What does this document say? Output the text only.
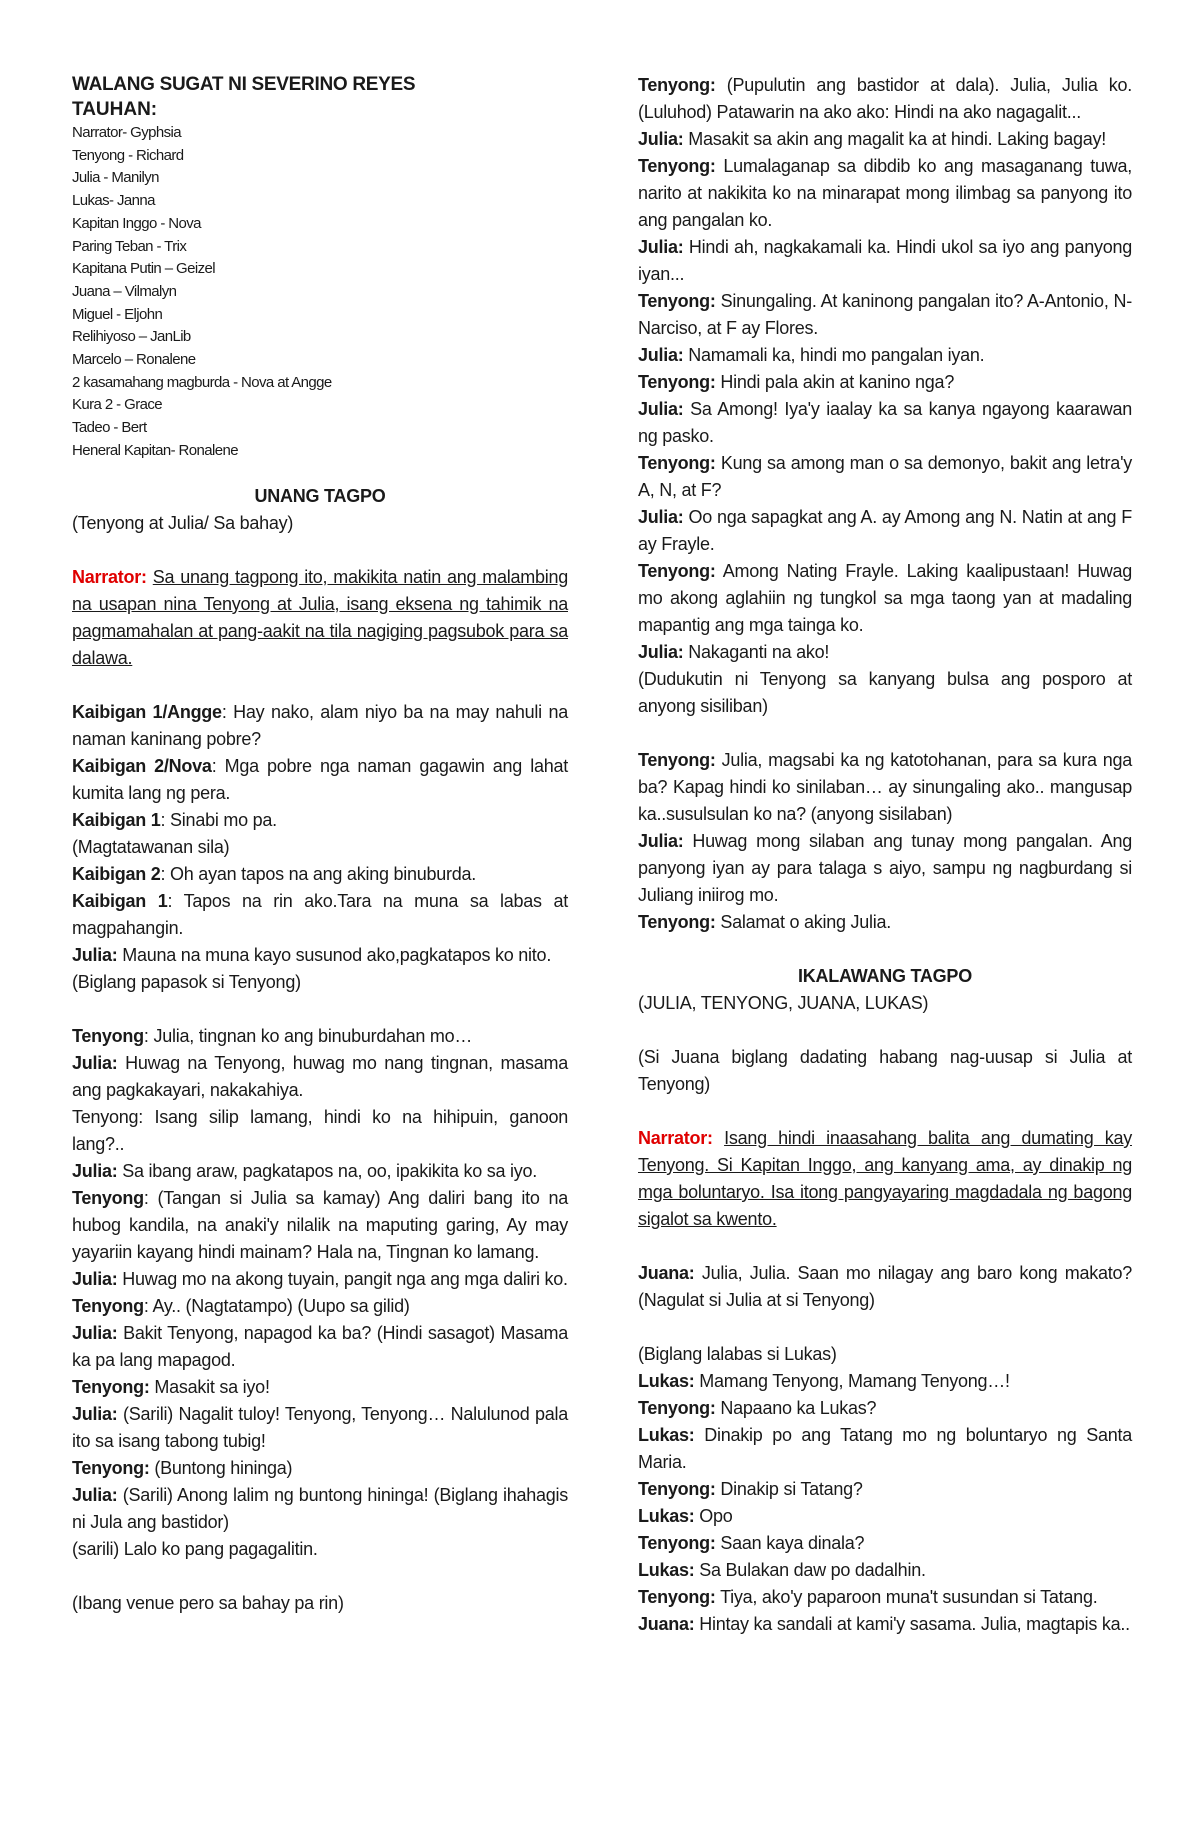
WALANG SUGAT NI SEVERINO REYES
TAUHAN:
Narrator- Gyphsia
Tenyong - Richard
Julia - Manilyn
Lukas- Janna
Kapitan Inggo - Nova
Paring Teban - Trix
Kapitana Putin – Geizel
Juana – Vilmalyn
Miguel - Eljohn
Relihiyoso – JanLib
Marcelo – Ronalene
2 kasamahang magburda - Nova at Angge
Kura 2 - Grace
Tadeo - Bert
Heneral Kapitan- Ronalene

UNANG TAGPO

(Tenyong at Julia/ Sa bahay)

Narrator: Sa unang tagpong ito, makikita natin ang malambing na usapan nina Tenyong at Julia, isang eksena ng tahimik na pagmamahalan at pang-aakit na tila nagiging pagsubok para sa dalawa.

Kaibigan 1/Angge: Hay nako, alam niyo ba na may nahuli na naman kaninang pobre?

Kaibigan 2/Nova: Mga pobre nga naman gagawin ang lahat kumita lang ng pera.

Kaibigan 1: Sinabi mo pa.

(Magtatawanan sila)

Kaibigan 2: Oh ayan tapos na ang aking binuburda.

Kaibigan 1: Tapos na rin ako.Tara na muna sa labas at magpahangin.

Julia: Mauna na muna kayo susunod ako,pagkatapos ko nito.

(Biglang papasok si Tenyong)

Tenyong: Julia, tingnan ko ang binuburdahan mo…

Julia: Huwag na Tenyong, huwag mo nang tingnan, masama ang pagkakayari, nakakahiya.

Tenyong: Isang silip lamang, hindi ko na hihipuin, ganoon lang?..

Julia: Sa ibang araw, pagkatapos na, oo, ipakikita ko sa iyo.

Tenyong: (Tangan si Julia sa kamay) Ang daliri bang ito na hubog kandila, na anaki'y nilalik na maputing garing, Ay may yayariin kayang hindi mainam? Hala na, Tingnan ko lamang.

Julia: Huwag mo na akong tuyain, pangit nga ang mga daliri ko.

Tenyong: Ay.. (Nagtatampo) (Uupo sa gilid)

Julia: Bakit Tenyong, napagod ka ba? (Hindi sasagot) Masama ka pa lang mapagod.

Tenyong: Masakit sa iyo!

Julia: (Sarili) Nagalit tuloy! Tenyong, Tenyong… Nalulunod pala ito sa isang tabong tubig!

Tenyong: (Buntong hininga)

Julia: (Sarili) Anong lalim ng buntong hininga! (Biglang ihahagis ni Jula ang bastidor)

(sarili) Lalo ko pang pagagalitin.

(Ibang venue pero sa bahay pa rin)

Tenyong: (Pupulutin ang bastidor at dala). Julia, Julia ko. (Luluhod) Patawarin na ako ako: Hindi na ako nagagalit...

Julia: Masakit sa akin ang magalit ka at hindi. Laking bagay!

Tenyong: Lumalaganap sa dibdib ko ang masaganang tuwa, narito at nakikita ko na minarapat mong ilimbag sa panyong ito ang pangalan ko.

Julia: Hindi ah, nagkakamali ka. Hindi ukol sa iyo ang panyong iyan...

Tenyong: Sinungaling. At kaninong pangalan ito? A-Antonio, N-Narciso, at F ay Flores.

Julia: Namamali ka, hindi mo pangalan iyan.

Tenyong: Hindi pala akin at kanino nga?

Julia: Sa Among! Iya'y iaalay ka sa kanya ngayong kaarawan ng pasko.

Tenyong: Kung sa among man o sa demonyo, bakit ang letra'y A, N, at F?

Julia: Oo nga sapagkat ang A. ay Among ang N. Natin at ang F ay Frayle.

Tenyong: Among Nating Frayle. Laking kaalipustaan! Huwag mo akong aglahiin ng tungkol sa mga taong yan at madaling mapantig ang mga tainga ko.

Julia: Nakaganti na ako!

(Dudukutin ni Tenyong sa kanyang bulsa ang posporo at anyong sisiliban)

Tenyong: Julia, magsabi ka ng katotohanan, para sa kura nga ba? Kapag hindi ko sinilaban… ay sinungaling ako.. mangusap ka..susulsulan ko na? (anyong sisilaban)

Julia: Huwag mong silaban ang tunay mong pangalan. Ang panyong iyan ay para talaga s aiyo, sampu ng nagburdang si Juliang iniirog mo.

Tenyong: Salamat o aking Julia.

IKALAWANG TAGPO

(JULIA, TENYONG, JUANA, LUKAS)

(Si Juana biglang dadating habang nag-uusap si Julia at Tenyong)

Narrator: Isang hindi inaasahang balita ang dumating kay Tenyong. Si Kapitan Inggo, ang kanyang ama, ay dinakip ng mga boluntaryo. Isa itong pangyayaring magdadala ng bagong sigalot sa kwento.

Juana: Julia, Julia. Saan mo nilagay ang baro kong makato? (Nagulat si Julia at si Tenyong)

(Biglang lalabas si Lukas)

Lukas: Mamang Tenyong, Mamang Tenyong…!

Tenyong: Napaano ka Lukas?

Lukas: Dinakip po ang Tatang mo ng boluntaryo ng Santa Maria.

Tenyong: Dinakip si Tatang?

Lukas: Opo

Tenyong: Saan kaya dinala?

Lukas: Sa Bulakan daw po dadalhin.

Tenyong: Tiya, ako'y paparoon muna't susundan si Tatang.

Juana: Hintay ka sandali at kami'y sasama. Julia, magtapis ka..
